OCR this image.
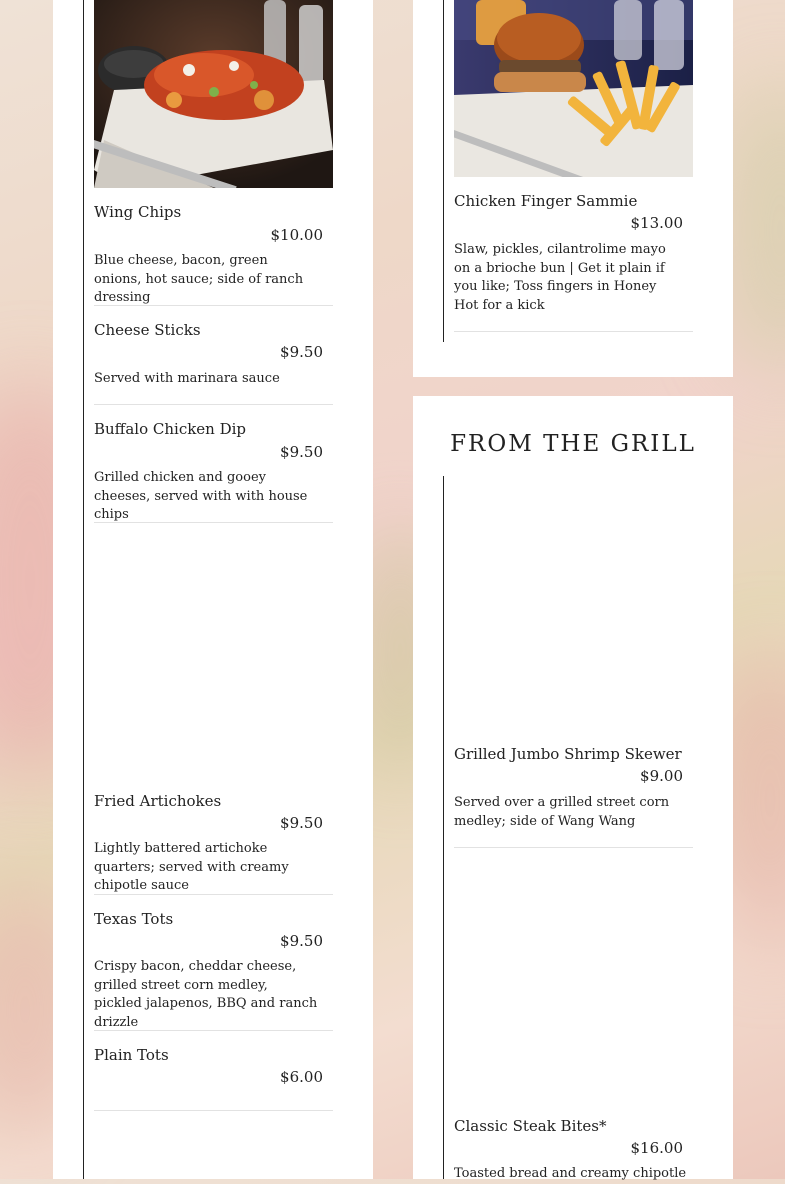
Wing Chips
$10.00
Blue cheese, bacon, green onions, hot sauce; side of ranch dressing
Cheese Sticks
$9.50
Served with marinara sauce
Buffalo Chicken Dip
$9.50
Grilled chicken and gooey cheeses, served with with house chips
Fried Artichokes
$9.50
Lightly battered artichoke quarters; served with creamy chipotle sauce
Texas Tots
$9.50
Crispy bacon, cheddar cheese, grilled street corn medley, pickled jalapenos, BBQ and ranch drizzle
Plain Tots
$6.00
Chicken Finger Sammie
$13.00
Slaw, pickles, cilantrolime mayo on a brioche bun | Get it plain if you like; Toss fingers in Honey Hot for a kick
FROM THE GRILL
Grilled Jumbo Shrimp Skewer
$9.00
Served over a grilled street corn medley; side of Wang Wang
Classic Steak Bites*
$16.00
Toasted bread and creamy chipotle
